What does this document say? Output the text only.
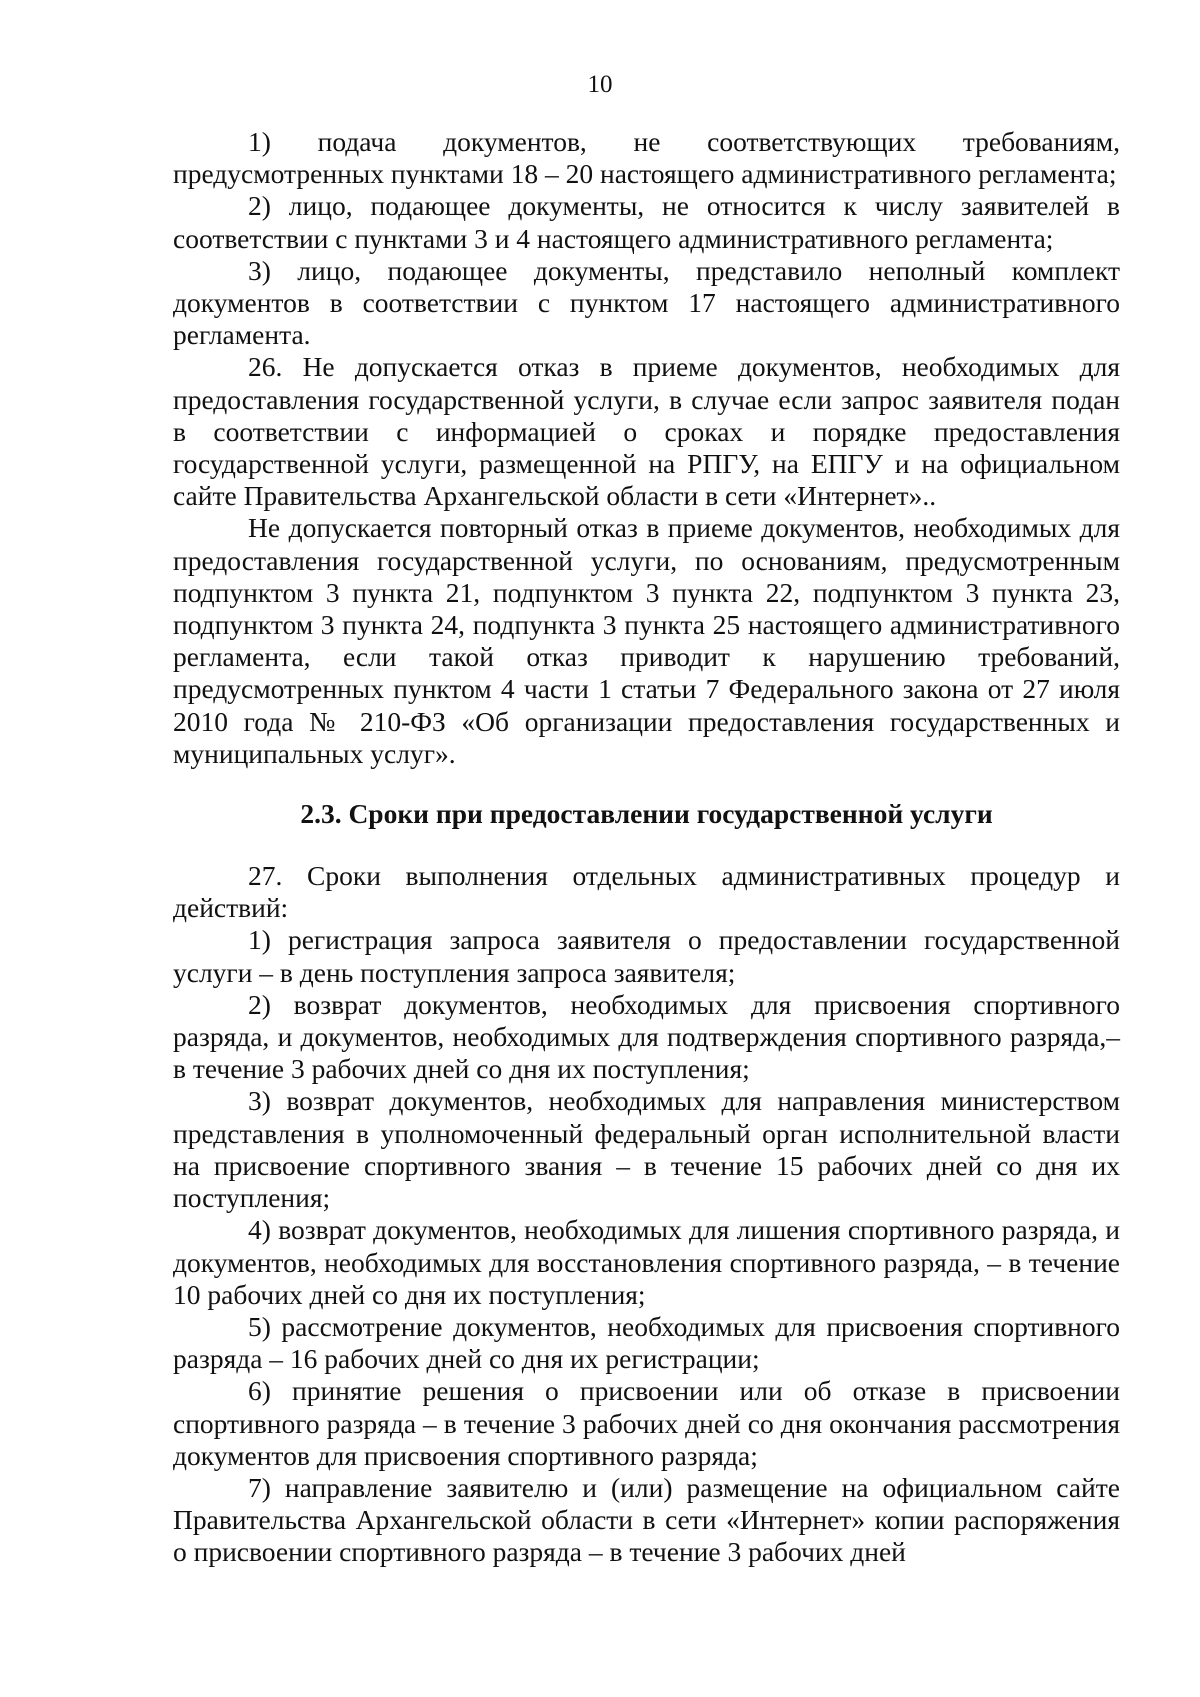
10

1) подача документов, не соответствующих требованиям, предусмотренных пунктами 18 – 20 настоящего административного регламента;

2) лицо, подающее документы, не относится к числу заявителей в соответствии с пунктами 3 и 4 настоящего административного регламента;

3) лицо, подающее документы, представило неполный комплект документов в соответствии с пунктом 17 настоящего административного регламента.

26. Не допускается отказ в приеме документов, необходимых для предоставления государственной услуги, в случае если запрос заявителя подан в соответствии с информацией о сроках и порядке предоставления государственной услуги, размещенной на РПГУ, на ЕПГУ и на официальном сайте Правительства Архангельской области в сети «Интернет»..

Не допускается повторный отказ в приеме документов, необходимых для предоставления государственной услуги, по основаниям, предусмотренным подпунктом 3 пункта 21, подпунктом 3 пункта 22, подпунктом 3 пункта 23, подпунктом 3 пункта 24, подпункта 3 пункта 25 настоящего административного регламента, если такой отказ приводит к нарушению требований, предусмотренных пунктом 4 части 1 статьи 7 Федерального закона от 27 июля 2010 года № 210-ФЗ «Об организации предоставления государственных и муниципальных услуг».

2.3. Сроки при предоставлении государственной услуги

27. Сроки выполнения отдельных административных процедур и действий:

1) регистрация запроса заявителя о предоставлении государственной услуги – в день поступления запроса заявителя;

2) возврат документов, необходимых для присвоения спортивного разряда, и документов, необходимых для подтверждения спортивного разряда,– в течение 3 рабочих дней со дня их поступления;

3) возврат документов, необходимых для направления министерством представления в уполномоченный федеральный орган исполнительной власти на присвоение спортивного звания – в течение 15 рабочих дней со дня их поступления;

4) возврат документов, необходимых для лишения спортивного разряда, и документов, необходимых для восстановления спортивного разряда, – в течение 10 рабочих дней со дня их поступления;

5) рассмотрение документов, необходимых для присвоения спортивного разряда – 16 рабочих дней со дня их регистрации;

6) принятие решения о присвоении или об отказе в присвоении спортивного разряда – в течение 3 рабочих дней со дня окончания рассмотрения документов для присвоения спортивного разряда;

7) направление заявителю и (или) размещение на официальном сайте Правительства Архангельской области в сети «Интернет» копии распоряжения о присвоении спортивного разряда – в течение 3 рабочих дней
